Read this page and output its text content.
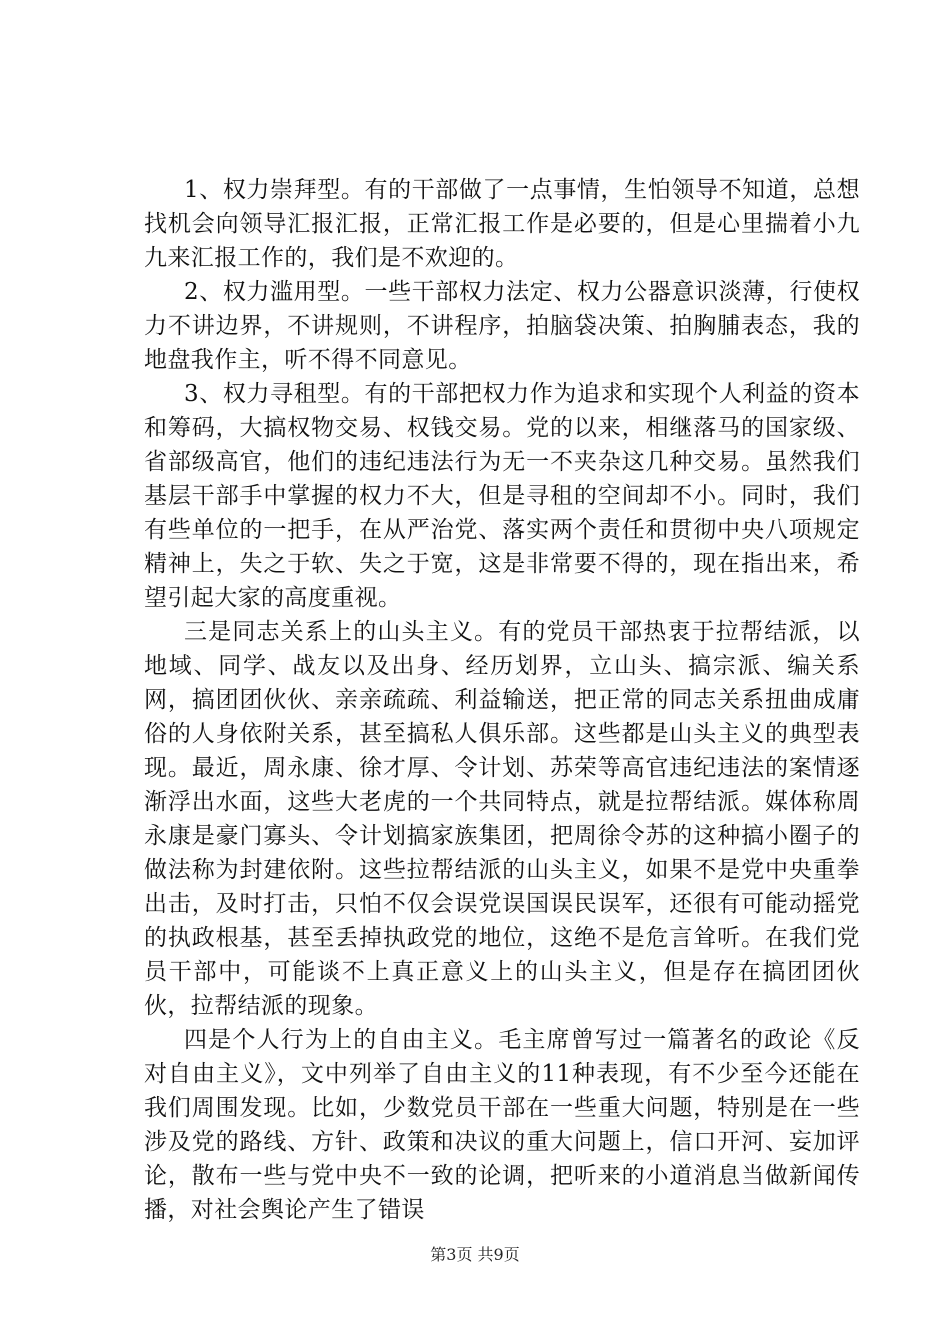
1、权力崇拜型。有的干部做了一点事情，生怕领导不知道，总想找机会向领导汇报汇报，正常汇报工作是必要的，但是心里揣着小九九来汇报工作的，我们是不欢迎的。

2、权力滥用型。一些干部权力法定、权力公器意识淡薄，行使权力不讲边界，不讲规则，不讲程序，拍脑袋决策、拍胸脯表态，我的地盘我作主，听不得不同意见。

3、权力寻租型。有的干部把权力作为追求和实现个人利益的资本和筹码，大搞权物交易、权钱交易。党的以来，相继落马的国家级、省部级高官，他们的违纪违法行为无一不夹杂这几种交易。虽然我们基层干部手中掌握的权力不大，但是寻租的空间却不小。同时，我们有些单位的一把手，在从严治党、落实两个责任和贯彻中央八项规定精神上，失之于软、失之于宽，这是非常要不得的，现在指出来，希望引起大家的高度重视。

三是同志关系上的山头主义。有的党员干部热衷于拉帮结派，以地域、同学、战友以及出身、经历划界，立山头、搞宗派、编关系网，搞团团伙伙、亲亲疏疏、利益输送，把正常的同志关系扭曲成庸俗的人身依附关系，甚至搞私人俱乐部。这些都是山头主义的典型表现。最近，周永康、徐才厚、令计划、苏荣等高官违纪违法的案情逐渐浮出水面，这些大老虎的一个共同特点，就是拉帮结派。媒体称周永康是豪门寡头、令计划搞家族集团，把周徐令苏的这种搞小圈子的做法称为封建依附。这些拉帮结派的山头主义，如果不是党中央重拳出击，及时打击，只怕不仅会误党误国误民误军，还很有可能动摇党的执政根基，甚至丢掉执政党的地位，这绝不是危言耸听。在我们党员干部中，可能谈不上真正意义上的山头主义，但是存在搞团团伙伙，拉帮结派的现象。

四是个人行为上的自由主义。毛主席曾写过一篇著名的政论《反对自由主义》，文中列举了自由主义的11种表现，有不少至今还能在我们周围发现。比如，少数党员干部在一些重大问题，特别是在一些涉及党的路线、方针、政策和决议的重大问题上，信口开河、妄加评论，散布一些与党中央不一致的论调，把听来的小道消息当做新闻传播，对社会舆论产生了错误

第3页 共9页
